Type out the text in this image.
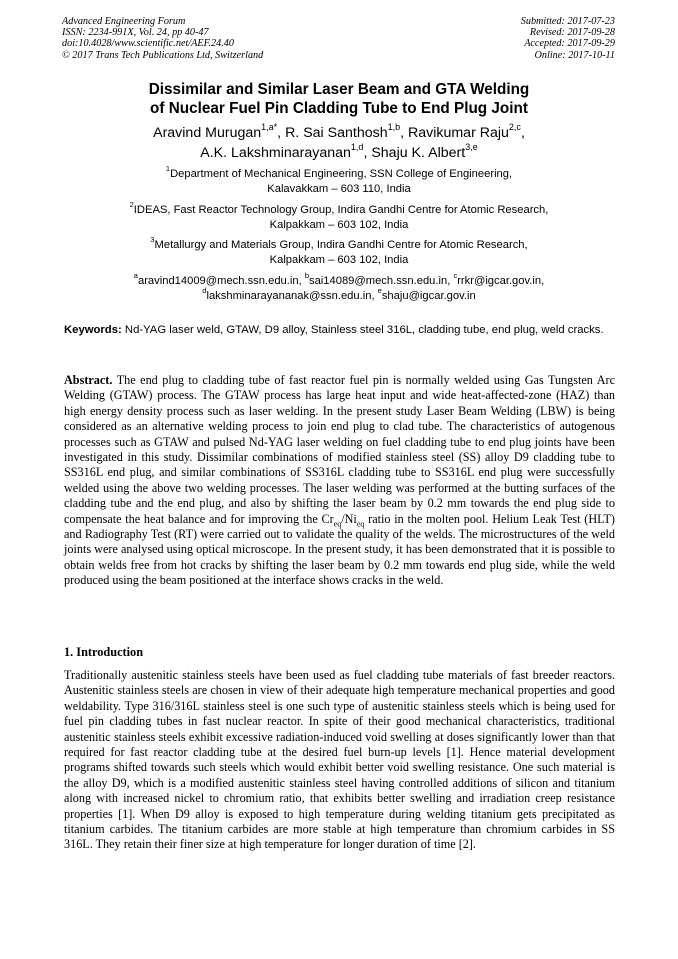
Advanced Engineering Forum
ISSN: 2234-991X, Vol. 24, pp 40-47
doi:10.4028/www.scientific.net/AEF.24.40
© 2017 Trans Tech Publications Ltd, Switzerland
Submitted: 2017-07-23
Revised: 2017-09-28
Accepted: 2017-09-29
Online: 2017-10-11
Dissimilar and Similar Laser Beam and GTA Welding
of Nuclear Fuel Pin Cladding Tube to End Plug Joint
Aravind Murugan$^{1,a*}$, R. Sai Santhosh$^{1,b}$, Ravikumar Raju$^{2,c}$,
A.K. Lakshminarayanan$^{1,d}$, Shaju K. Albert$^{3,e}$
$^1$Department of Mechanical Engineering, SSN College of Engineering,
Kalavakkam – 603 110, India
$^2$IDEAS, Fast Reactor Technology Group, Indira Gandhi Centre for Atomic Research,
Kalpakkam – 603 102, India
$^3$Metallurgy and Materials Group, Indira Gandhi Centre for Atomic Research,
Kalpakkam – 603 102, India
$^a$aravind14009@mech.ssn.edu.in, $^b$sai14089@mech.ssn.edu.in, $^c$rrkr@igcar.gov.in,
$^d$lakshminarayananak@ssn.edu.in, $^e$shaju@igcar.gov.in
Keywords: Nd-YAG laser weld, GTAW, D9 alloy, Stainless steel 316L, cladding tube, end plug, weld cracks.
Abstract. The end plug to cladding tube of fast reactor fuel pin is normally welded using Gas Tungsten Arc Welding (GTAW) process. The GTAW process has large heat input and wide heat-affected-zone (HAZ) than high energy density process such as laser welding. In the present study Laser Beam Welding (LBW) is being considered as an alternative welding process to join end plug to clad tube. The characteristics of autogenous processes such as GTAW and pulsed Nd-YAG laser welding on fuel cladding tube to end plug joints have been investigated in this study. Dissimilar combinations of modified stainless steel (SS) alloy D9 cladding tube to SS316L end plug, and similar combinations of SS316L cladding tube to SS316L end plug were successfully welded using the above two welding processes. The laser welding was performed at the butting surfaces of the cladding tube and the end plug, and also by shifting the laser beam by 0.2 mm towards the end plug side to compensate the heat balance and for improving the $Cr_{eq}/Ni_{eq}$ ratio in the molten pool. Helium Leak Test (HLT) and Radiography Test (RT) were carried out to validate the quality of the welds. The microstructures of the weld joints were analysed using optical microscope. In the present study, it has been demonstrated that it is possible to obtain welds free from hot cracks by shifting the laser beam by 0.2 mm towards end plug side, while the weld produced using the beam positioned at the interface shows cracks in the weld.
1. Introduction
Traditionally austenitic stainless steels have been used as fuel cladding tube materials of fast breeder reactors. Austenitic stainless steels are chosen in view of their adequate high temperature mechanical properties and good weldability. Type 316/316L stainless steel is one such type of austenitic stainless steels which is being used for fuel pin cladding tubes in fast nuclear reactor. In spite of their good mechanical characteristics, traditional austenitic stainless steels exhibit excessive radiation-induced void swelling at doses significantly lower than that required for fast reactor cladding tube at the desired fuel burn-up levels [1]. Hence material development programs shifted towards such steels which would exhibit better void swelling resistance. One such material is the alloy D9, which is a modified austenitic stainless steel having controlled additions of silicon and titanium along with increased nickel to chromium ratio, that exhibits better swelling and irradiation creep resistance properties [1]. When D9 alloy is exposed to high temperature during welding titanium gets precipitated as titanium carbides. The titanium carbides are more stable at high temperature than chromium carbides in SS 316L. They retain their finer size at high temperature for longer duration of time [2].
